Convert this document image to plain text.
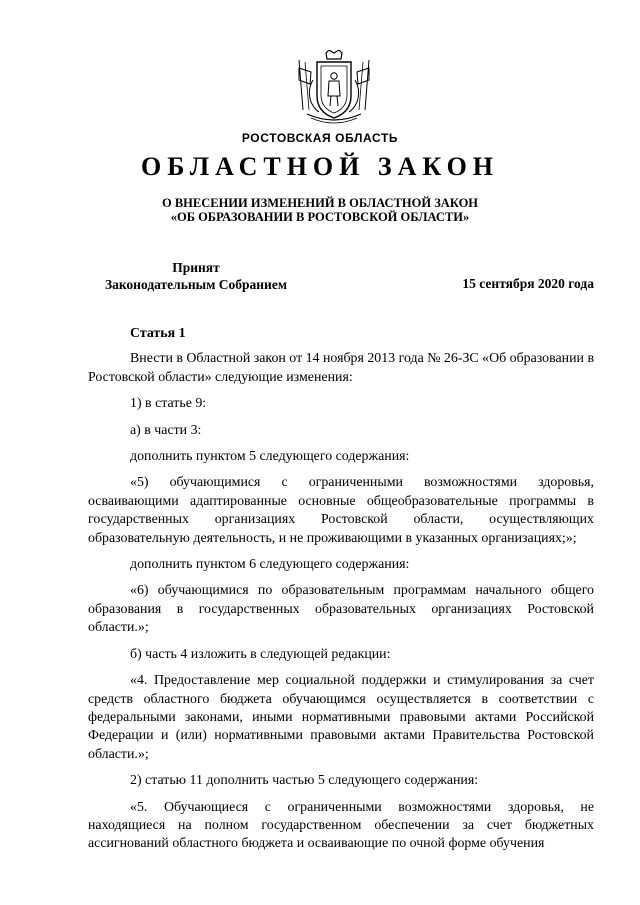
РОСТОВСКАЯ ОБЛАСТЬ
ОБЛАСТНОЙ ЗАКОН
О ВНЕСЕНИИ ИЗМЕНЕНИЙ В ОБЛАСТНОЙ ЗАКОН
«ОБ ОБРАЗОВАНИИ В РОСТОВСКОЙ ОБЛАСТИ»
Принят
Законодательным Собранием	15 сентября 2020 года

Статья 1

Внести в Областной закон от 14 ноября 2013 года № 26-ЗС «Об образовании в Ростовской области» следующие изменения:

1) в статье 9:

а) в части 3:

дополнить пунктом 5 следующего содержания:

«5) обучающимися с ограниченными возможностями здоровья, осваивающими адаптированные основные общеобразовательные программы в государственных организациях Ростовской области, осуществляющих образовательную деятельность, и не проживающими в указанных организациях;»;

дополнить пунктом 6 следующего содержания:

«6) обучающимися по образовательным программам начального общего образования в государственных образовательных организациях Ростовской области.»;

б) часть 4 изложить в следующей редакции:

«4. Предоставление мер социальной поддержки и стимулирования за счет средств областного бюджета обучающимся осуществляется в соответствии с федеральными законами, иными нормативными правовыми актами Российской Федерации и (или) нормативными правовыми актами Правительства Ростовской области.»;

2) статью 11 дополнить частью 5 следующего содержания:

«5. Обучающиеся с ограниченными возможностями здоровья, не находящиеся на полном государственном обеспечении за счет бюджетных ассигнований областного бюджета и осваивающие по очной форме обучения
